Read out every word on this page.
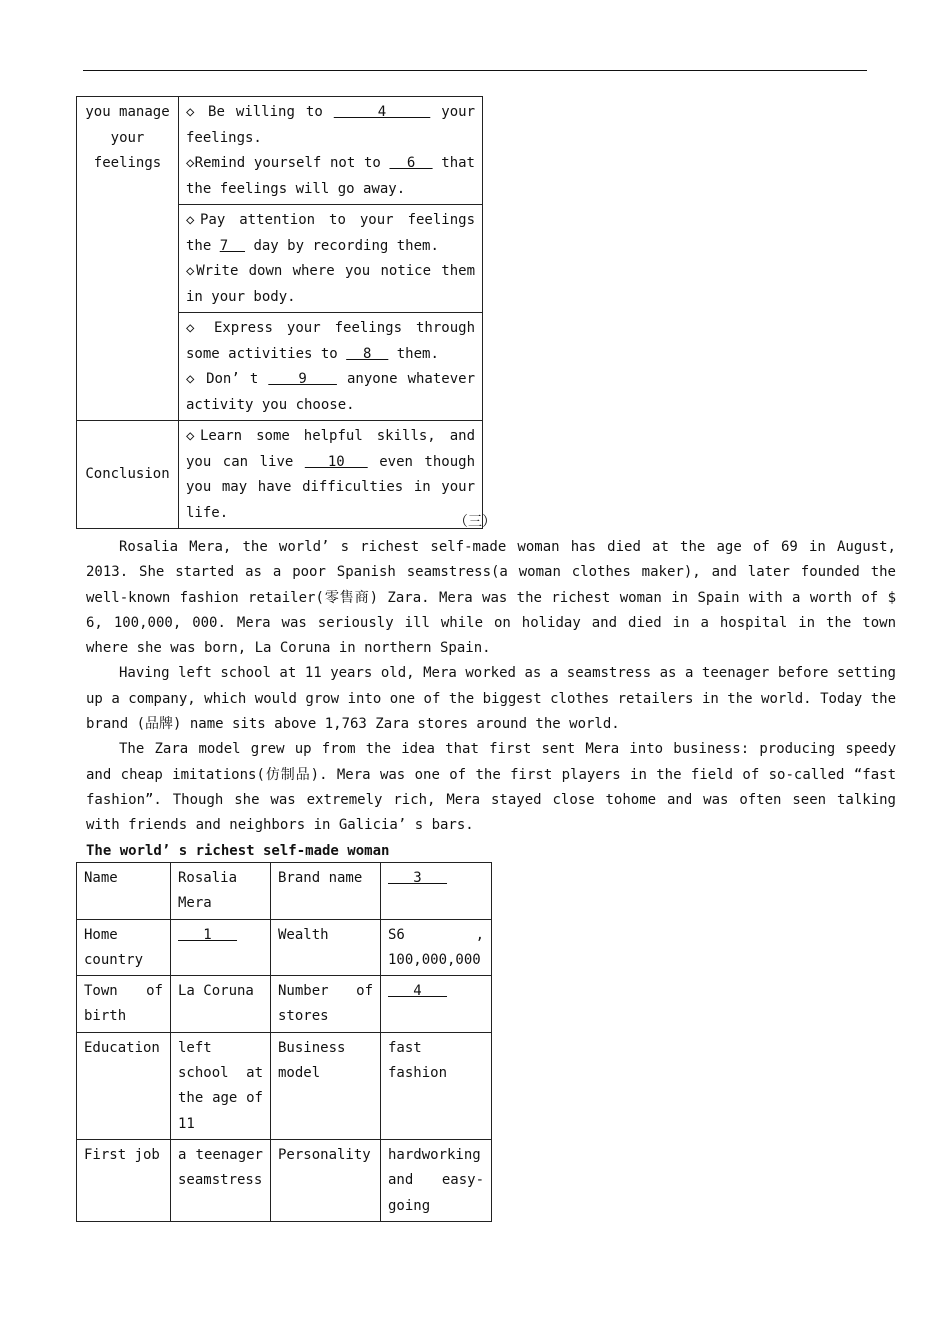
you manage your feelings	◇ Be willing to     4     your feelings.
◇Remind yourself not to   6   that the feelings will go away.

	◇Pay attention to your feelings the 7   day by recording them.
◇Write down where you notice them in your body.

	◇ Express your feelings through some activities to   8   them.
◇ Don’ t    9    anyone whatever activity you choose.

Conclusion	◇Learn some helpful skills, and you can live   10   even though you may have difficulties in your life.
（三）

Rosalia Mera, the world’ s richest self-made woman has died at the age of 69 in August, 2013. She started as a poor Spanish seamstress(a woman clothes maker), and later founded the well-known fashion retailer(零售商) Zara. Mera was the richest woman in Spain with a worth of $ 6, 100,000, 000. Mera was seriously ill while on holiday and died in a hospital in the town where she was born, La Coruna in northern Spain.

Having left school at 11 years old, Mera worked as a seamstress as a teenager before setting up a company, which would grow into one of the biggest clothes retailers in the world. Today the brand (品牌) name sits above 1,763 Zara stores around the world.

The Zara model grew up from the idea that first sent Mera into business: producing speedy and cheap imitations(仿制品). Mera was one of the first players in the field of so-called “fast fashion”. Though she was extremely rich, Mera stayed close tohome and was often seen talking with friends and neighbors in Galicia’ s bars.

The world’ s richest self-made woman
Name	Rosalia Mera	Brand name	3
Home country	1	Wealth	S6 , 100,000,000
Town of birth	La Coruna	Number of stores	4
Education	left school at the age of 11	Business model	fast fashion
First job	a teenager seamstress	Personality	hardworking and easy-going
